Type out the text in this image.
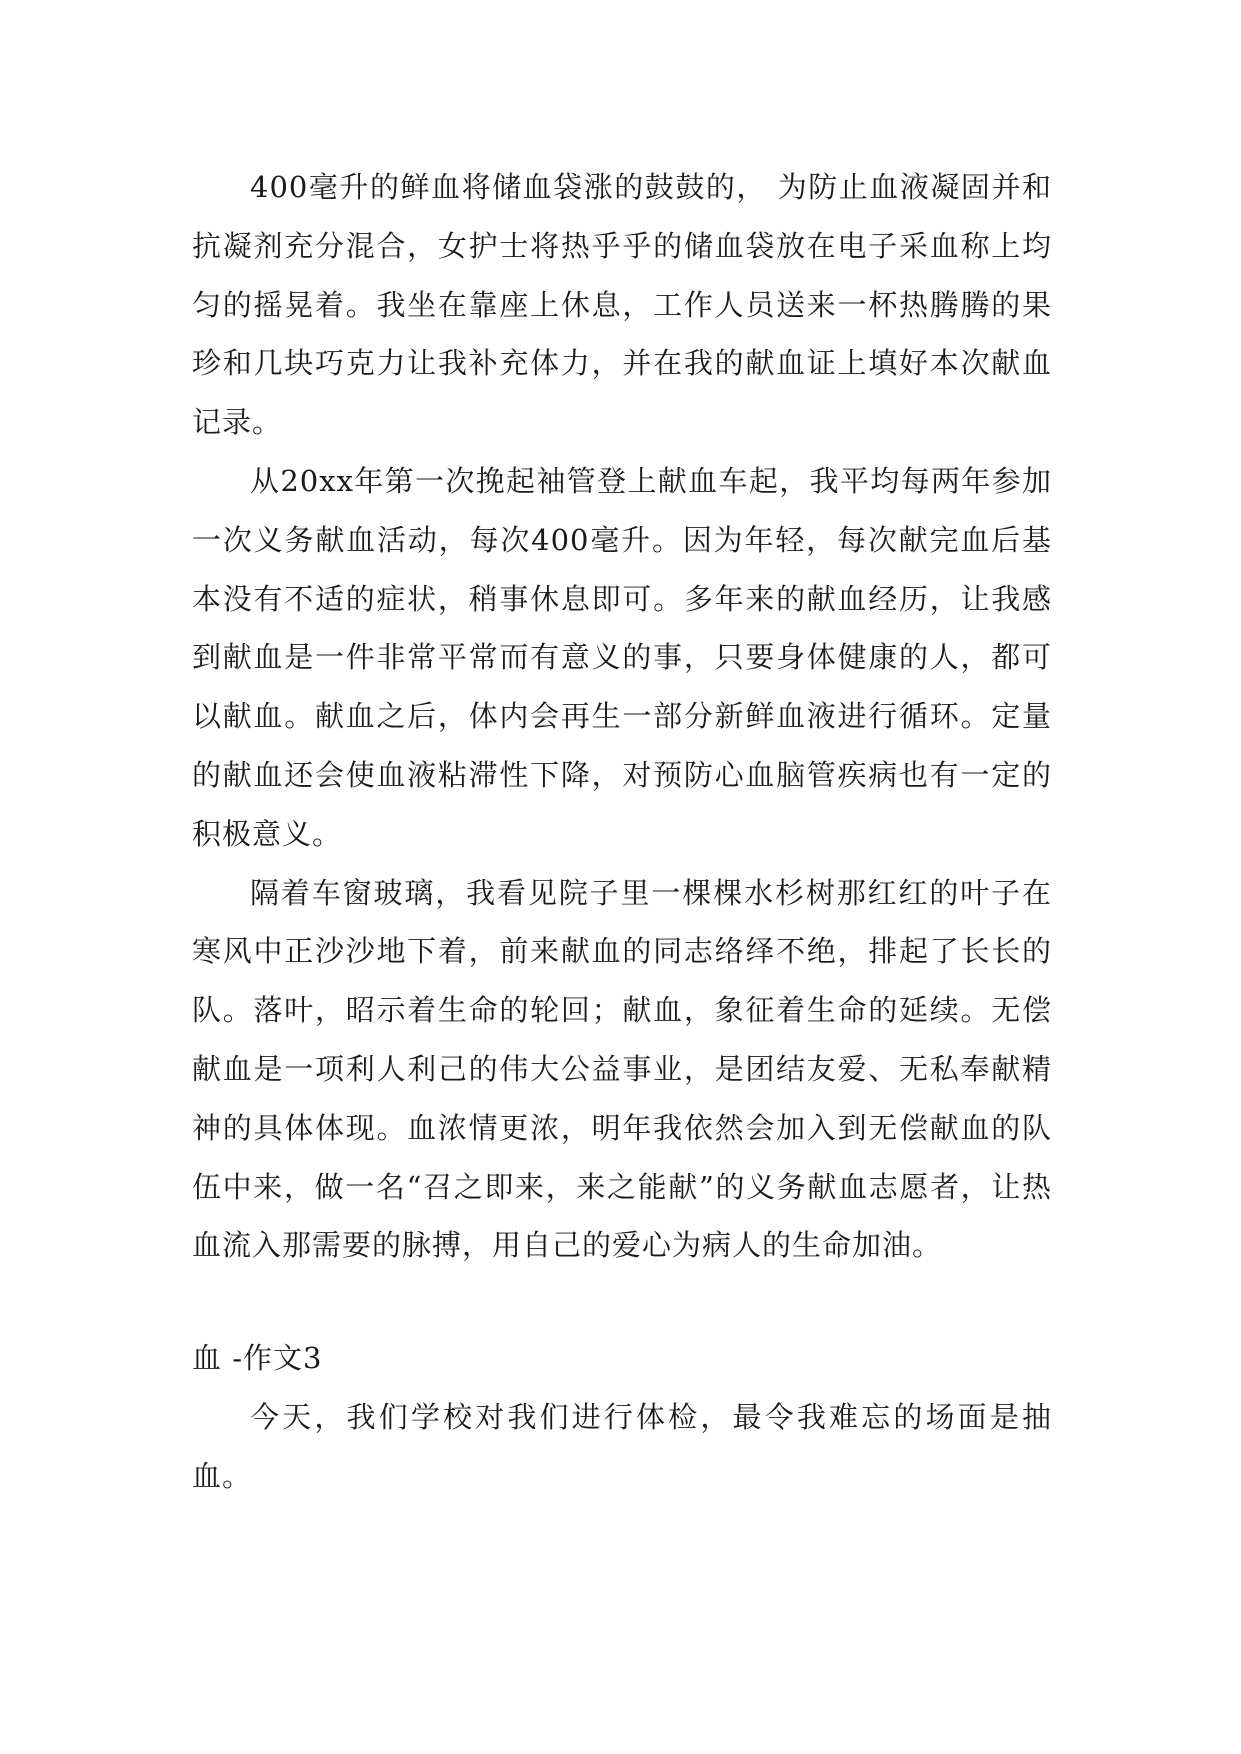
400毫升的鲜血将储血袋涨的鼓鼓的， 为防止血液凝固并和抗凝剂充分混合，女护士将热乎乎的储血袋放在电子采血称上均匀的摇晃着。我坐在靠座上休息，工作人员送来一杯热腾腾的果珍和几块巧克力让我补充体力，并在我的献血证上填好本次献血记录。

从20xx年第一次挽起袖管登上献血车起，我平均每两年参加一次义务献血活动，每次400毫升。因为年轻，每次献完血后基本没有不适的症状，稍事休息即可。多年来的献血经历，让我感到献血是一件非常平常而有意义的事，只要身体健康的人，都可以献血。献血之后，体内会再生一部分新鲜血液进行循环。定量的献血还会使血液粘滞性下降，对预防心血脑管疾病也有一定的积极意义。

隔着车窗玻璃，我看见院子里一棵棵水杉树那红红的叶子在寒风中正沙沙地下着，前来献血的同志络绎不绝，排起了长长的队。落叶，昭示着生命的轮回；献血，象征着生命的延续。无偿献血是一项利人利己的伟大公益事业，是团结友爱、无私奉献精神的具体体现。血浓情更浓，明年我依然会加入到无偿献血的队伍中来，做一名“召之即来，来之能献”的义务献血志愿者，让热血流入那需要的脉搏，用自己的爱心为病人的生命加油。

血 -作文3

今天，我们学校对我们进行体检，最令我难忘的场面是抽血。
